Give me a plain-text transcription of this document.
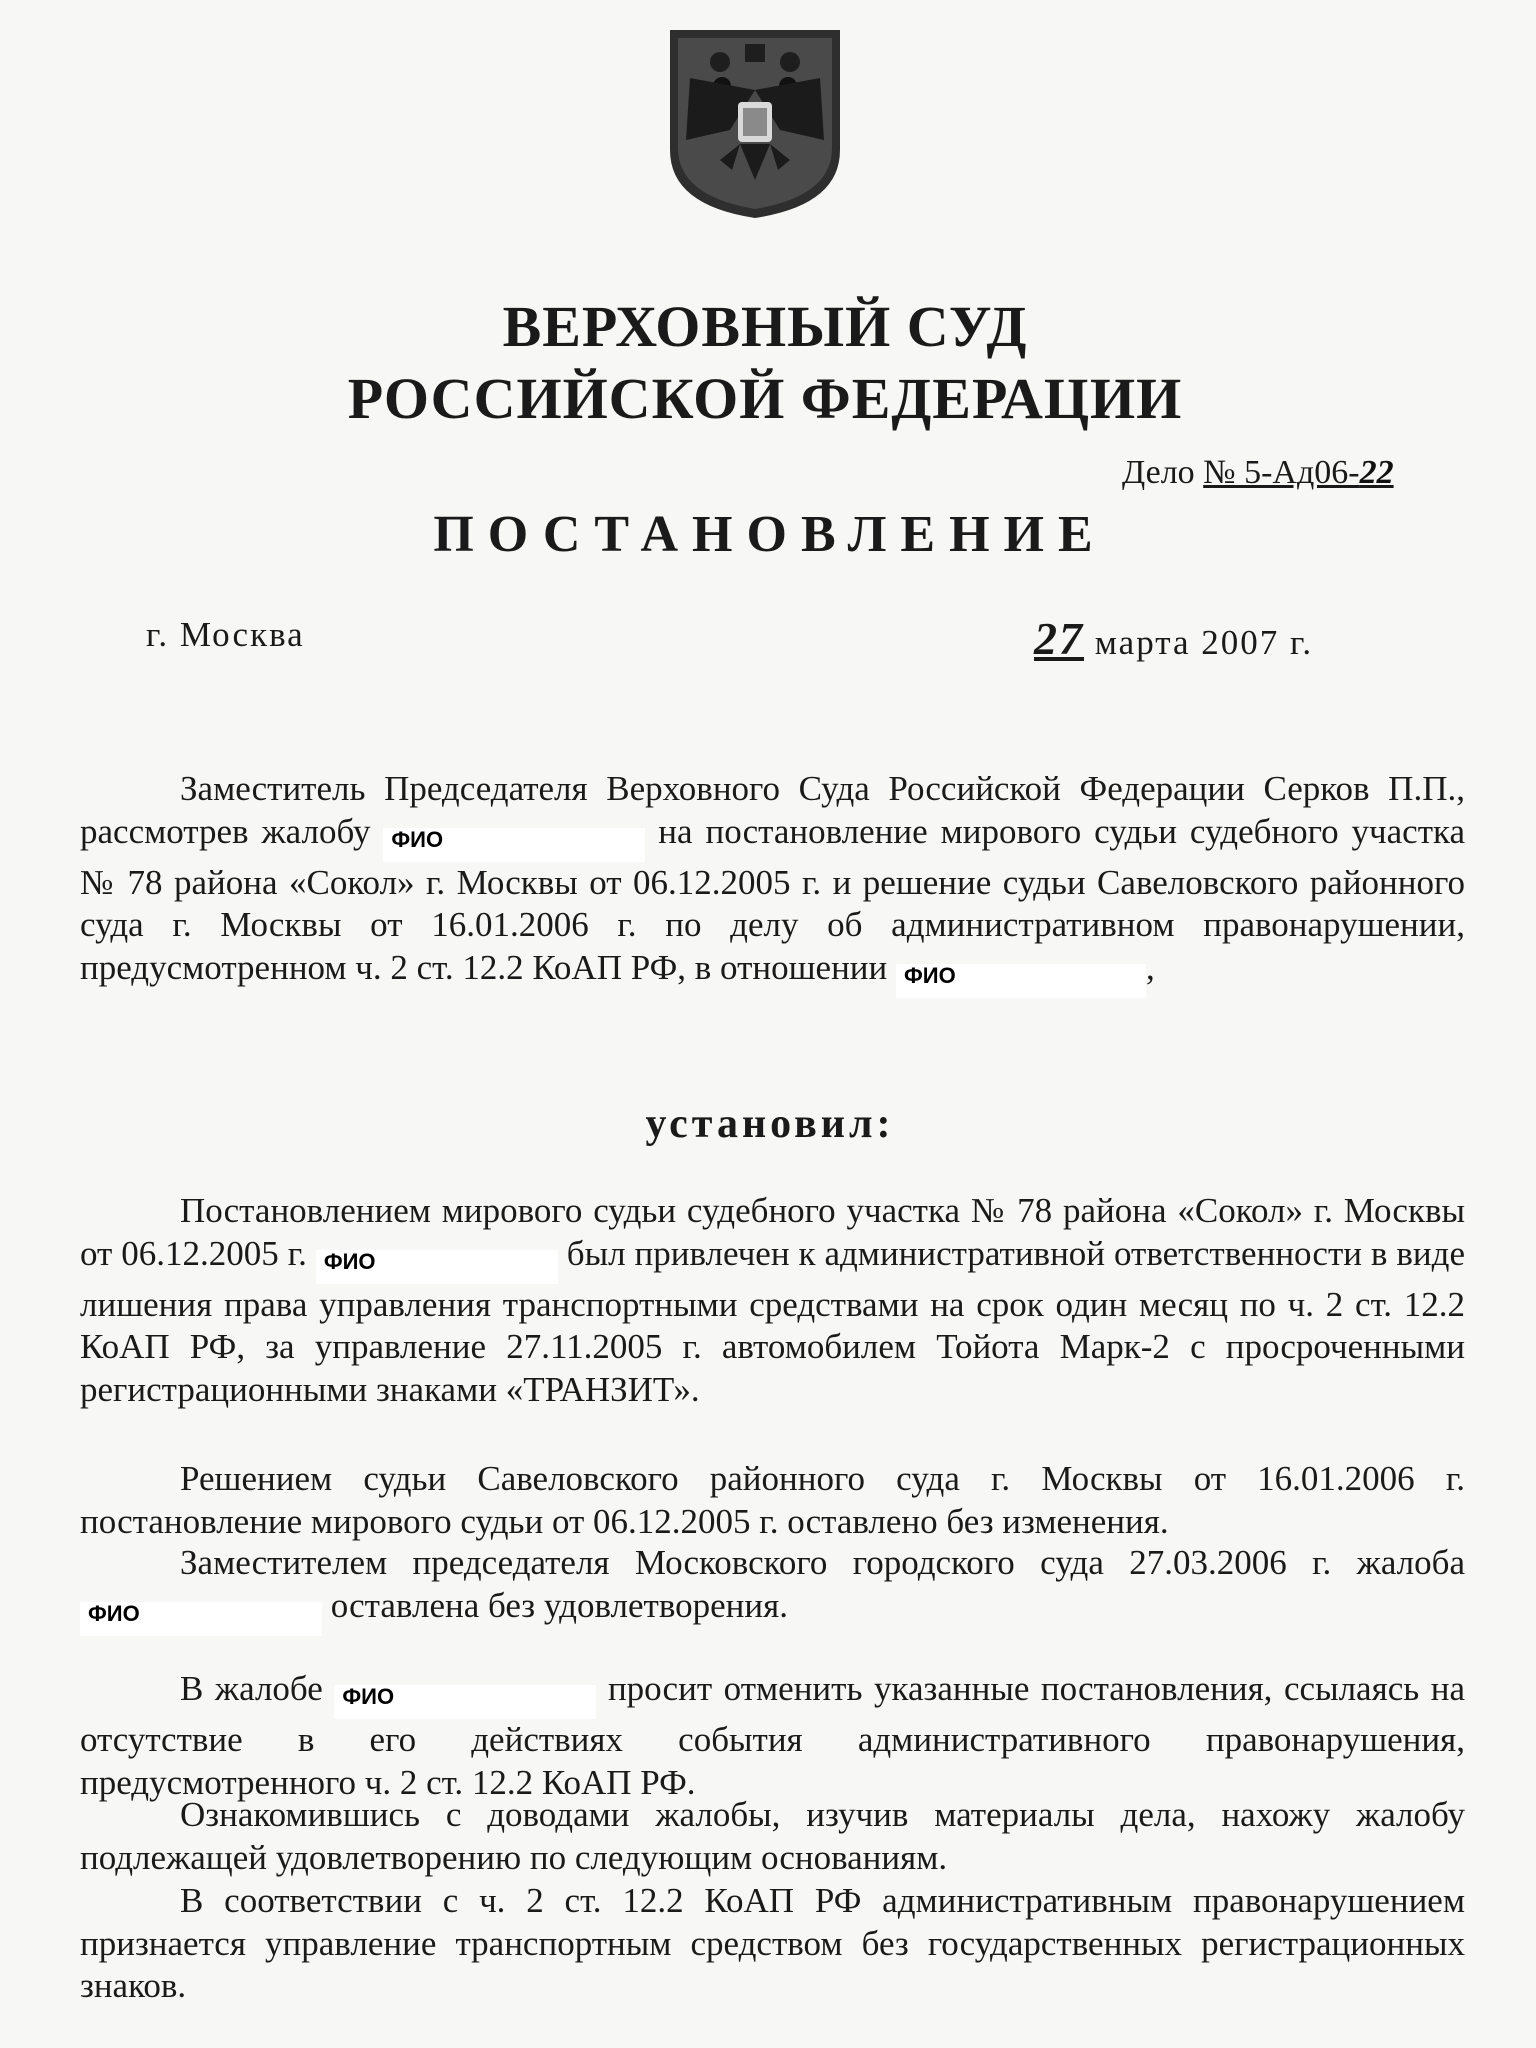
ВЕРХОВНЫЙ СУД
РОССИЙСКОЙ ФЕДЕРАЦИИ
Дело № 5-Ад06-22
ПОСТАНОВЛЕНИЕ
г. Москва	27 марта 2007 г.
Заместитель Председателя Верховного Суда Российской Федерации Серков П.П., рассмотрев жалобу ФИО	на постановление мирового судьи судебного участка № 78 района «Сокол» г. Москвы от 06.12.2005 г. и решение судьи Савеловского районного суда г. Москвы от 16.01.2006 г. по делу об административном правонарушении, предусмотренном ч. 2 ст. 12.2 КоАП РФ, в отношении ФИО	,
установил:
Постановлением мирового судьи судебного участка № 78 района «Сокол» г. Москвы от 06.12.2005 г. ФИО	был привлечен к административной ответственности в виде лишения права управления транспортными средствами на срок один месяц по ч. 2 ст. 12.2 КоАП РФ, за управление 27.11.2005 г. автомобилем Тойота Марк-2 с просроченными регистрационными знаками «ТРАНЗИТ».
Решением судьи Савеловского районного суда г. Москвы от 16.01.2006 г. постановление мирового судьи от 06.12.2005 г. оставлено без изменения.
Заместителем председателя Московского городского суда 27.03.2006 г. жалоба ФИО	оставлена без удовлетворения.
В жалобе ФИО	просит отменить указанные постановления, ссылаясь на отсутствие в его действиях события административного правонарушения, предусмотренного ч. 2 ст. 12.2 КоАП РФ.
Ознакомившись с доводами жалобы, изучив материалы дела, нахожу жалобу подлежащей удовлетворению по следующим основаниям.
В соответствии с ч. 2 ст. 12.2 КоАП РФ административным правонарушением признается управление транспортным средством без государственных регистрационных знаков.
